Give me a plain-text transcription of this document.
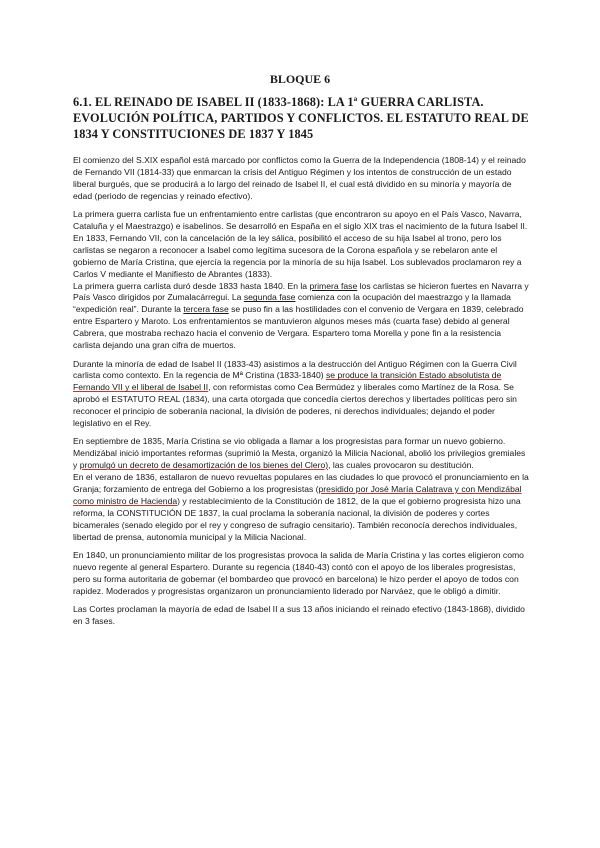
BLOQUE 6
6.1. EL REINADO DE ISABEL II (1833-1868): LA 1ª GUERRA CARLISTA. EVOLUCIÓN POLÍTICA, PARTIDOS Y CONFLICTOS. EL ESTATUTO REAL DE 1834 Y CONSTITUCIONES DE 1837 Y 1845

El comienzo del S.XIX español está marcado por conflictos como la Guerra de la Independencia (1808-14) y el reinado de Fernando VII (1814-33) que enmarcan la crisis del Antiguo Régimen y los intentos de construcción de un estado liberal burgués, que se producirá a lo largo del reinado de Isabel II, el cual está dividido en su minoría y mayoría de edad (periodo de regencias y reinado efectivo).

La primera guerra carlista fue un enfrentamiento entre carlistas (que encontraron su apoyo en el País Vasco, Navarra, Cataluña y el Maestrazgo) e isabelinos. Se desarrolló en España en el siglo XIX tras el nacimiento de la futura Isabel II. En 1833, Fernando VII, con la cancelación de la ley sálica, posibilitó el acceso de su hija Isabel al trono, pero los carlistas se negaron a reconocer a Isabel como legítima sucesora de la Corona española y se rebelaron ante el gobierno de María Cristina, que ejercía la regencia por la minoría de su hija Isabel. Los sublevados proclamaron rey a Carlos V mediante el Manifiesto de Abrantes (1833).

La primera guerra carlista duró desde 1833 hasta 1840. En la primera fase los carlistas se hicieron fuertes en Navarra y País Vasco dirigidos por Zumalacárregui. La segunda fase comienza con la ocupación del maestrazgo y la llamada “expedición real”. Durante la tercera fase se puso fin a las hostilidades con el convenio de Vergara en 1839, celebrado entre Espartero y Maroto. Los enfrentamientos se mantuvieron algunos meses más (cuarta fase) debido al general Cabrera, que mostraba rechazo hacia el convenio de Vergara. Espartero toma Morella y pone fin a la resistencia carlista dejando una gran cifra de muertos.

Durante la minoría de edad de Isabel II (1833-43) asistimos a la destrucción del Antiguo Régimen con la Guerra Civil carlista como contexto. En la regencia de Mª Cristina (1833-1840) se produce la transición Estado absolutista de Fernando VII y el liberal de Isabel II, con reformistas como Cea Bermúdez y liberales como Martínez de la Rosa. Se aprobó el ESTATUTO REAL (1834), una carta otorgada que concedía ciertos derechos y libertades políticas pero sin reconocer el principio de soberanía nacional, la división de poderes, ni derechos individuales; dejando el poder legislativo en el Rey.

En septiembre de 1835, María Cristina se vio obligada a llamar a los progresistas para formar un nuevo gobierno. Mendizábal inició importantes reformas (suprimió la Mesta, organizó la Milicia Nacional, abolió los privilegios gremiales y promulgó un decreto de desamortización de los bienes del Clero), las cuales provocaron su destitución.

En el verano de 1836, estallaron de nuevo revueltas populares en las ciudades lo que provocó el pronunciamiento en la Granja; forzamiento de entrega del Gobierno a los progresistas (presidido por José María Calatrava y con Mendizábal como ministro de Hacienda) y restablecimiento de la Constitución de 1812, de la que el gobierno progresista hizo una reforma, la CONSTITUCIÓN DE 1837, la cual proclama la soberanía nacional, la división de poderes y cortes bicamerales (senado elegido por el rey y congreso de sufragio censitario). También reconocía derechos individuales, libertad de prensa, autonomía municipal y la Milicia Nacional.

En 1840, un pronunciamiento militar de los progresistas provoca la salida de María Cristina y las cortes eligieron como nuevo regente al general Espartero. Durante su regencia (1840-43) contó con el apoyo de los liberales progresistas, pero su forma autoritaria de gobernar (el bombardeo que provocó en barcelona) le hizo perder el apoyo de todos con rapidez. Moderados y progresistas organizaron un pronunciamiento liderado por Narváez, que le obligó a dimitir.

Las Cortes proclaman la mayoría de edad de Isabel II a sus 13 años iniciando el reinado efectivo (1843-1868), dividido en 3 fases.
